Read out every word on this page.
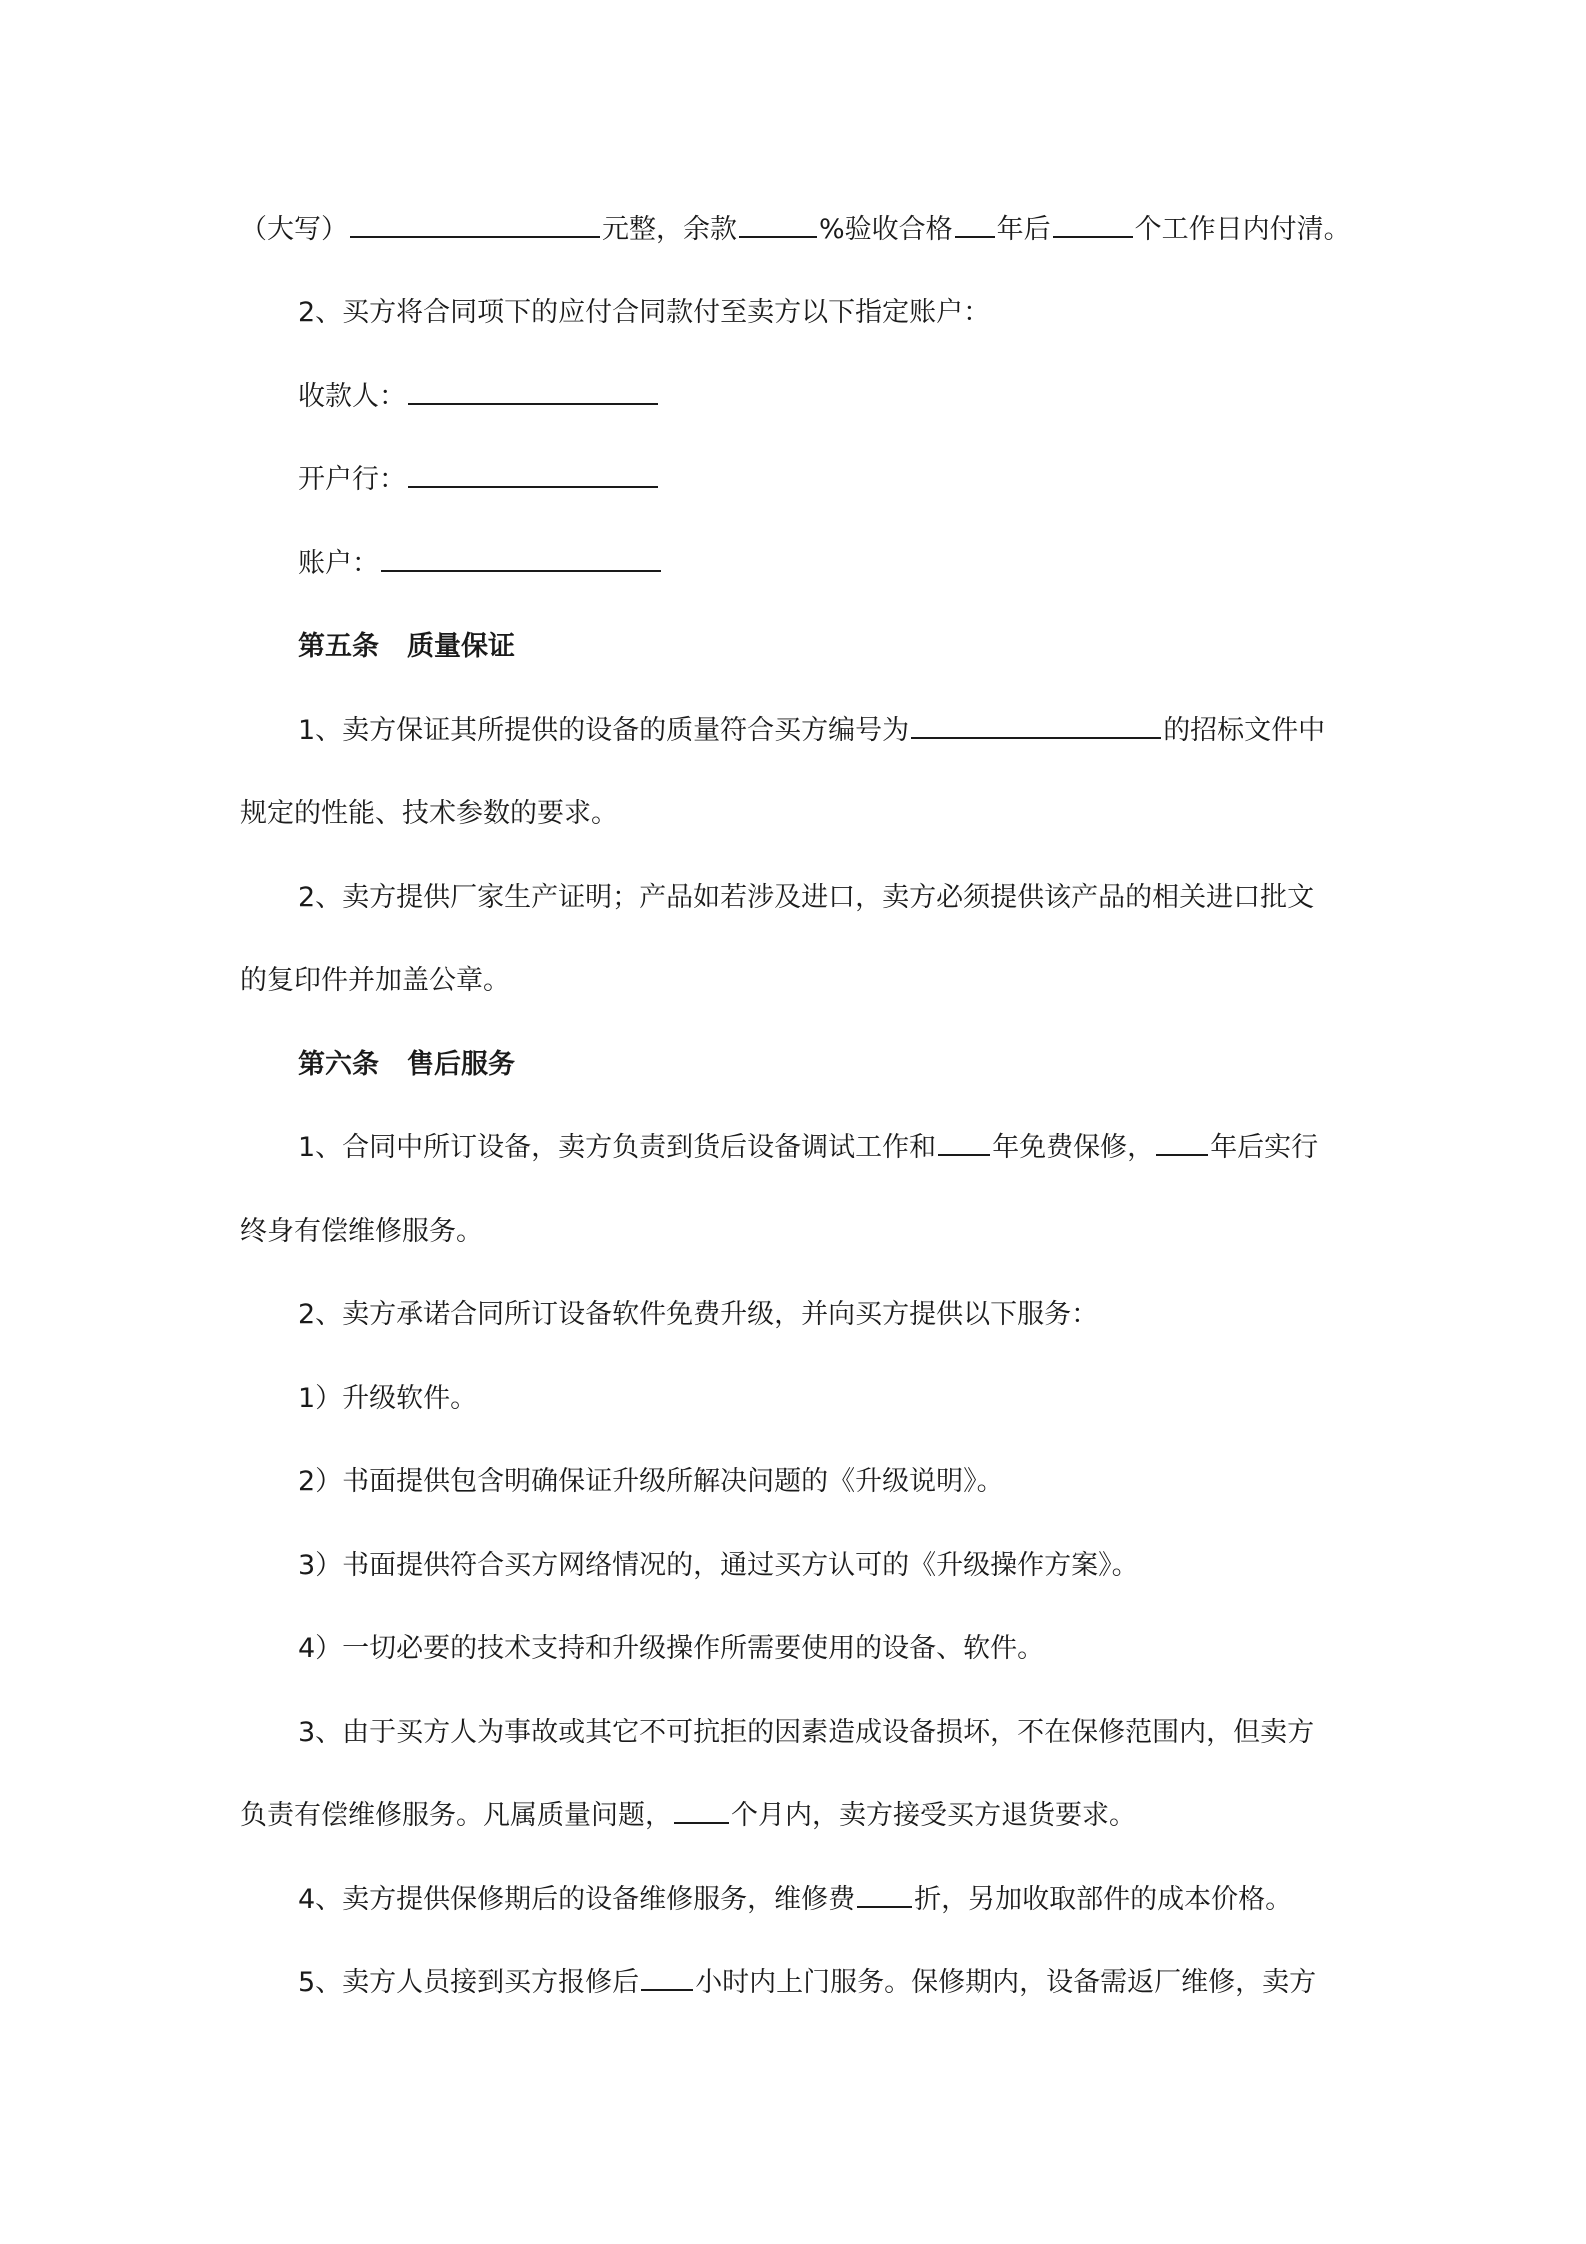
（大写）	元整，余款	%验收合格 年后	个工作日内付清。
2、买方将合同项下的应付合同款付至卖方以下指定账户：
收款人：
开户行：
账户：
第五条 质量保证
1、卖方保证其所提供的设备的质量符合买方编号为	的招标文件中
规定的性能、技术参数的要求。
2、卖方提供厂家生产证明；产品如若涉及进口，卖方必须提供该产品的相关进口批文
的复印件并加盖公章。
第六条 售后服务
1、合同中所订设备，卖方负责到货后设备调试工作和 年免费保修， 年后实行
终身有偿维修服务。
2、卖方承诺合同所订设备软件免费升级，并向买方提供以下服务：
1）升级软件。
2）书面提供包含明确保证升级所解决问题的《升级说明》。
3）书面提供符合买方网络情况的，通过买方认可的《升级操作方案》。
4）一切必要的技术支持和升级操作所需要使用的设备、软件。
3、由于买方人为事故或其它不可抗拒的因素造成设备损坏，不在保修范围内，但卖方
负责有偿维修服务。凡属质量问题， 个月内，卖方接受买方退货要求。
4、卖方提供保修期后的设备维修服务，维修费 折，另加收取部件的成本价格。
5、卖方人员接到买方报修后 小时内上门服务。保修期内，设备需返厂维修，卖方
